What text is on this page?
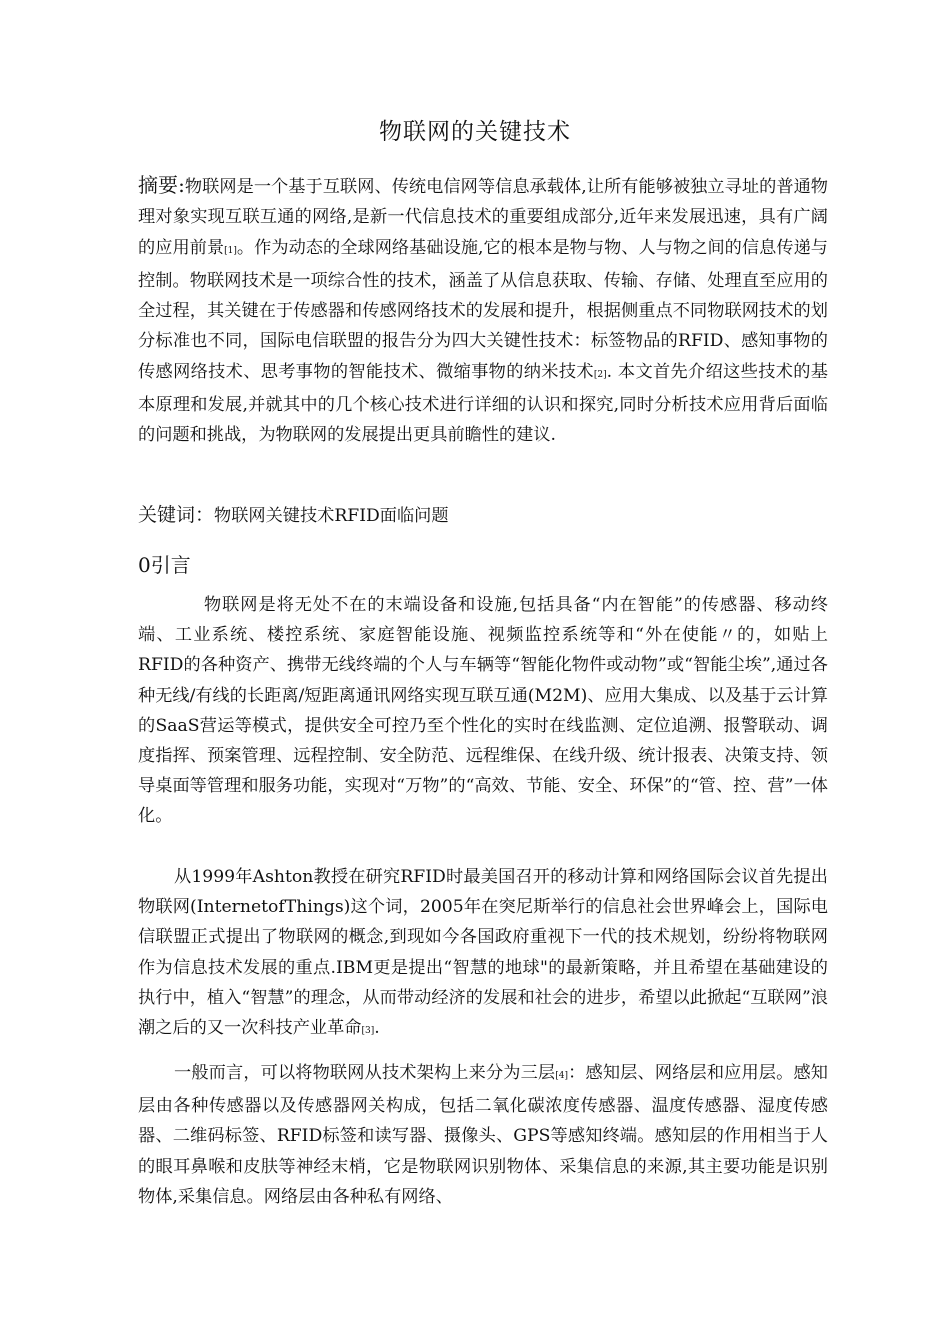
物联网的关键技术
摘要:物联网是一个基于互联网、传统电信网等信息承载体,让所有能够被独立寻址的普通物理对象实现互联互通的网络,是新一代信息技术的重要组成部分,近年来发展迅速，具有广阔的应用前景[1]。作为动态的全球网络基础设施,它的根本是物与物、人与物之间的信息传递与控制。物联网技术是一项综合性的技术，涵盖了从信息获取、传输、存储、处理直至应用的全过程，其关键在于传感器和传感网络技术的发展和提升，根据侧重点不同物联网技术的划分标准也不同，国际电信联盟的报告分为四大关键性技术：标签物品的RFID、感知事物的传感网络技术、思考事物的智能技术、微缩事物的纳米技术[2]. 本文首先介绍这些技术的基本原理和发展,并就其中的几个核心技术进行详细的认识和探究,同时分析技术应用背后面临的问题和挑战，为物联网的发展提出更具前瞻性的建议.
关键词：物联网关键技术RFID面临问题
0引言
物联网是将无处不在的末端设备和设施,包括具备“内在智能”的传感器、移动终端、工业系统、楼控系统、家庭智能设施、视频监控系统等和“外在使能〃的，如贴上RFID的各种资产、携带无线终端的个人与车辆等“智能化物件或动物”或“智能尘埃”,通过各种无线/有线的长距离/短距离通讯网络实现互联互通(M2M)、应用大集成、以及基于云计算的SaaS营运等模式，提供安全可控乃至个性化的实时在线监测、定位追溯、报警联动、调度指挥、预案管理、远程控制、安全防范、远程维保、在线升级、统计报表、决策支持、领导桌面等管理和服务功能，实现对“万物”的“高效、节能、安全、环保”的“管、控、营”一体化。
从1999年Ashton教授在研究RFID时最美国召开的移动计算和网络国际会议首先提出物联网(InternetofThings)这个词，2005年在突尼斯举行的信息社会世界峰会上，国际电信联盟正式提出了物联网的概念,到现如今各国政府重视下一代的技术规划，纷纷将物联网作为信息技术发展的重点.IBM更是提出“智慧的地球"的最新策略，并且希望在基础建设的执行中，植入“智慧”的理念，从而带动经济的发展和社会的进步，希望以此掀起“互联网”浪潮之后的又一次科技产业革命[3].
一般而言，可以将物联网从技术架构上来分为三层[4]：感知层、网络层和应用层。感知层由各种传感器以及传感器网关构成，包括二氧化碳浓度传感器、温度传感器、湿度传感器、二维码标签、RFID标签和读写器、摄像头、GPS等感知终端。感知层的作用相当于人的眼耳鼻喉和皮肤等神经末梢，它是物联网识别物体、采集信息的来源,其主要功能是识别物体,采集信息。网络层由各种私有网络、
